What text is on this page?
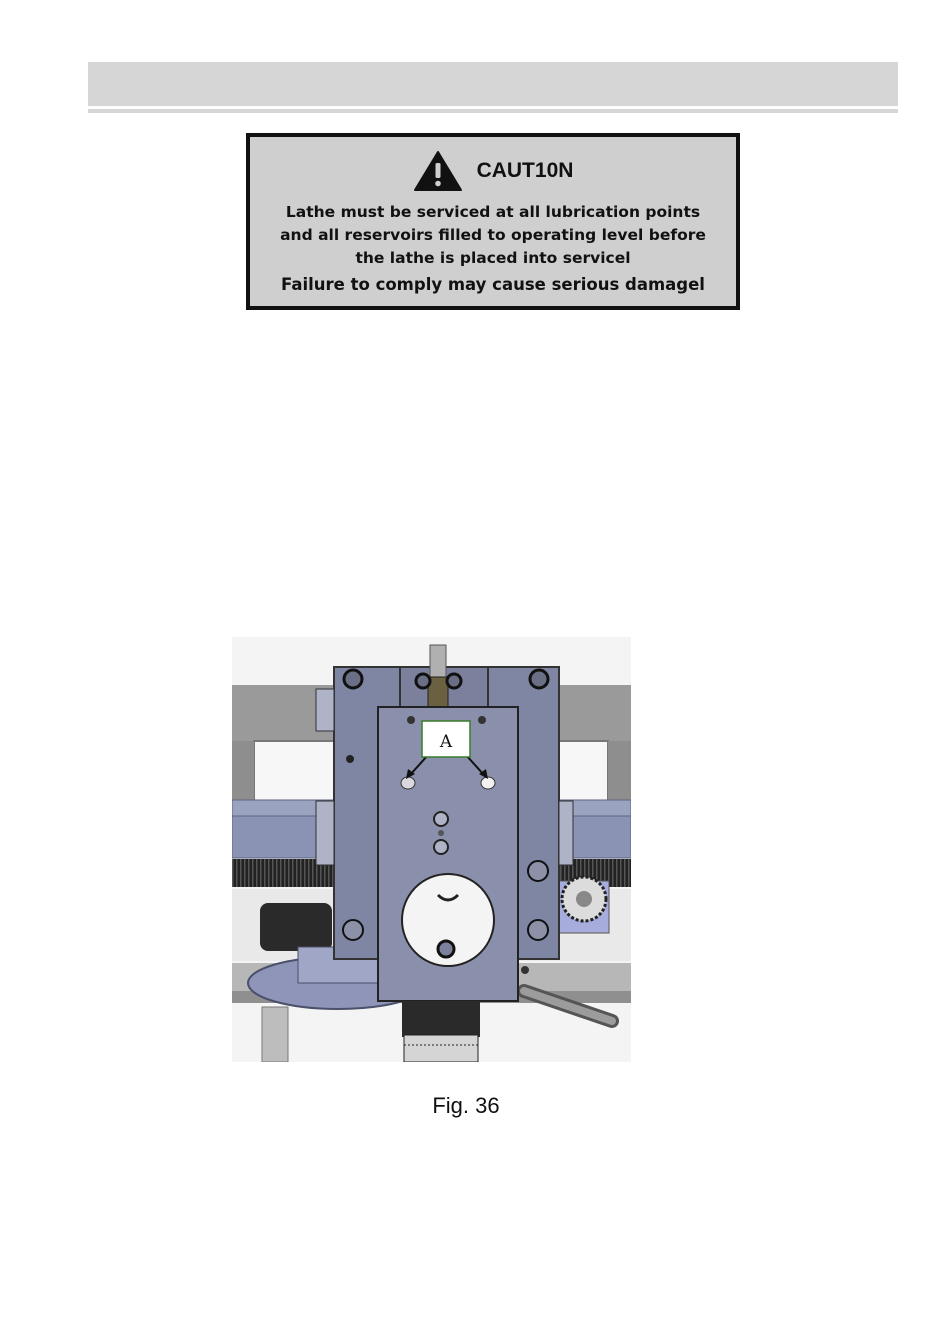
CAUT10N
Lathe must be serviced at all lubrication points
and all reservoirs filled to operating level before
the lathe is placed into servicel
Failure to comply may cause serious damagel
A
Fig. 36
